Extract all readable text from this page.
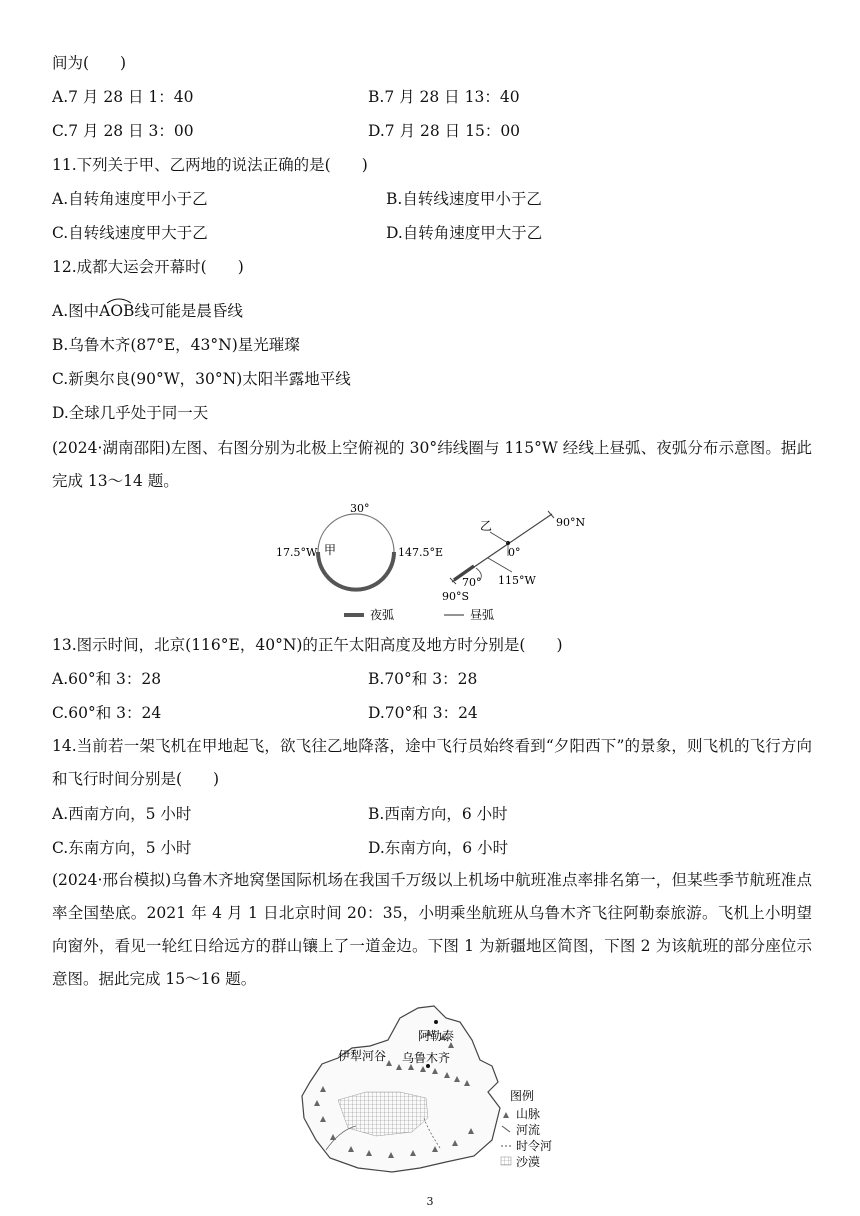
间为(　　)
A.7 月 28 日 1：40	B.7 月 28 日 13：40
C.7 月 28 日 3：00	D.7 月 28 日 15：00
11.下列关于甲、乙两地的说法正确的是(　　)
A.自转角速度甲小于乙	B.自转线速度甲小于乙
C.自转线速度甲大于乙	D.自转角速度甲大于乙
12.成都大运会开幕时(　　)
A.图中
AOB线可能是晨昏线
B.乌鲁木齐(87°E，43°N)星光璀璨
C.新奥尔良(90°W，30°N)太阳半露地平线
D.全球几乎处于同一天
(2024·湖南邵阳)左图、右图分别为北极上空俯视的 30°纬线圈与 115°W 经线上昼弧、夜弧分布示意图。据此完成 13～14 题。
30°
17.5°W 甲	147.5°E
乙	90°N
0°
70° 115°W
90°S
夜弧	昼弧
13.图示时间，北京(116°E，40°N)的正午太阳高度及地方时分别是(　　)
A.60°和 3：28	B.70°和 3：28
C.60°和 3：24	D.70°和 3：24
14.当前若一架飞机在甲地起飞，欲飞往乙地降落，途中飞行员始终看到“夕阳西下”的景象，则飞机的飞行方向和飞行时间分别是(　　)
A.西南方向，5 小时	B.西南方向，6 小时
C.东南方向，5 小时	D.东南方向，6 小时
(2024·邢台模拟)乌鲁木齐地窝堡国际机场在我国千万级以上机场中航班准点率排名第一，但某些季节航班准点率全国垫底。2021 年 4 月 1 日北京时间 20：35，小明乘坐航班从乌鲁木齐飞往阿勒泰旅游。飞机上小明望向窗外，看见一轮红日给远方的群山镶上了一道金边。下图 1 为新疆地区简图，下图 2 为该航班的部分座位示意图。据此完成 15～16 题。
阿勒泰
伊犁河谷 乌鲁木齐
图例
山脉
河流
时令河
沙漠
3
